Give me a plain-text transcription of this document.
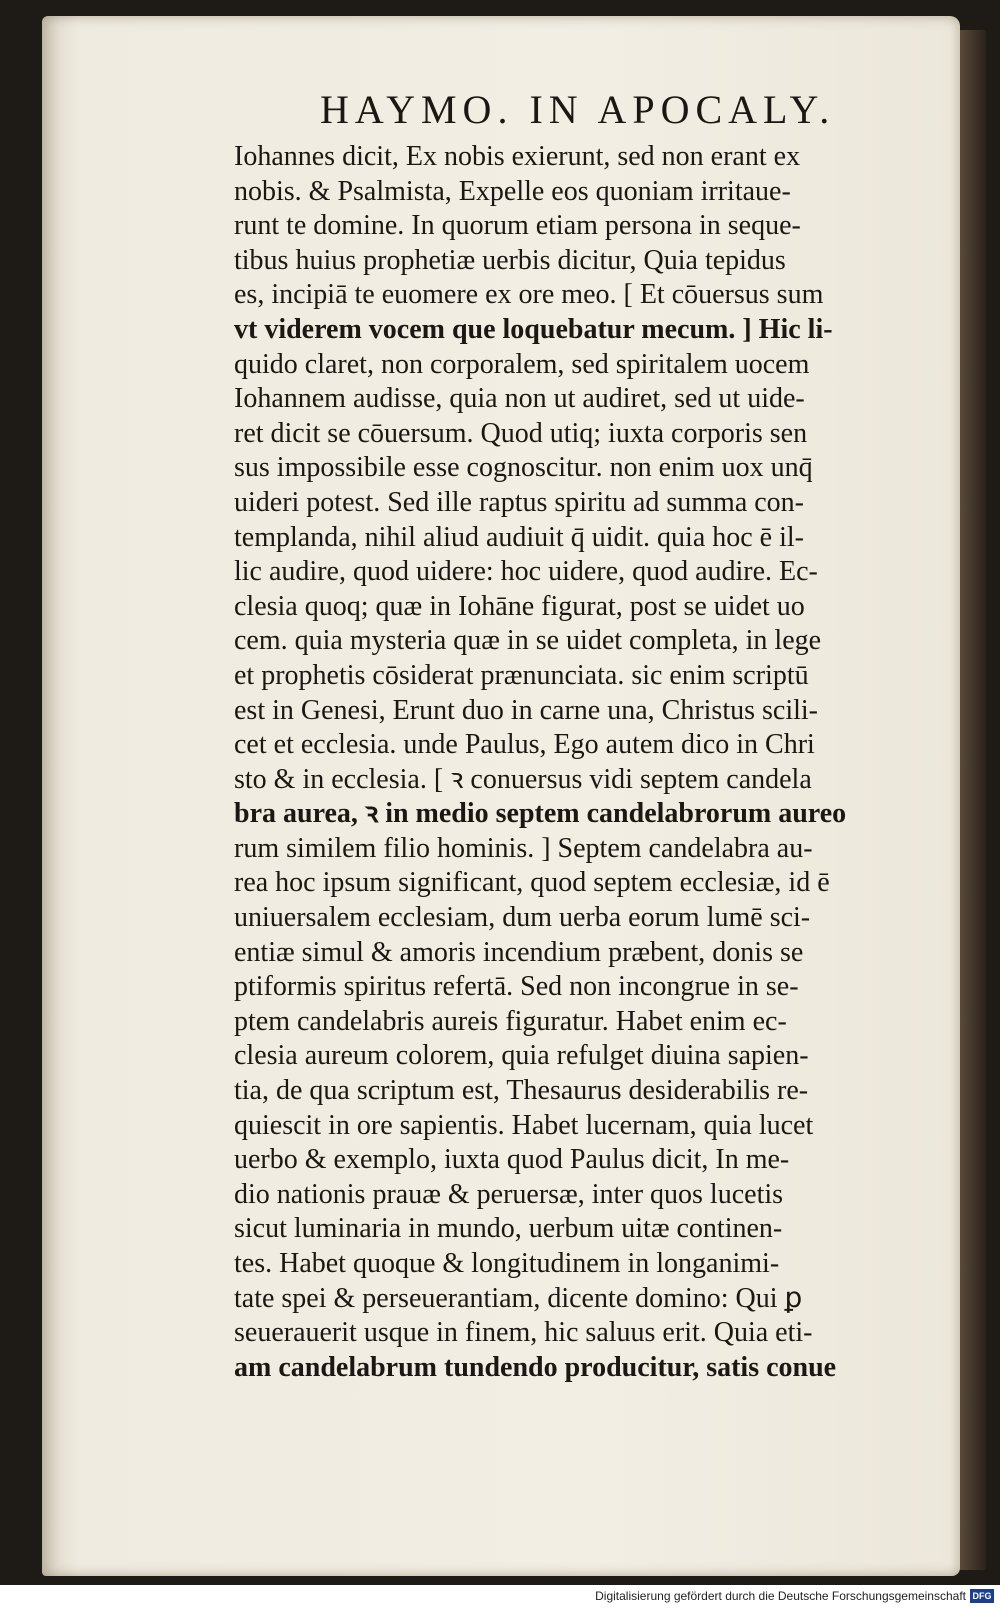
HAYMO. IN APOCALY.
Iohannes dicit, Ex nobis exierunt, sed non erant ex
nobis. & Psalmista, Expelle eos quoniam irritaue-
runt te domine. In quorum etiam persona in seque-
tibus huius prophetiæ uerbis dicitur, Quia tepidus
es, incipiā te euomere ex ore meo. [ Et cōuersus sum
vt viderem vocem que loquebatur mecum. ] Hic li-
quido claret, non corporalem, sed spiritalem uocem
Iohannem audisse, quia non ut audiret, sed ut uide-
ret dicit se cōuersum. Quod utiq; iuxta corporis sen
sus impossibile esse cognoscitur. non enim uox unq̄
uideri potest. Sed ille raptus spiritu ad summa con-
templanda, nihil aliud audiuit q̄ uidit. quia hoc ē il-
lic audire, quod uidere: hoc uidere, quod audire. Ec-
clesia quoq; quæ in Iohāne figurat, post se uidet uo
cem. quia mysteria quæ in se uidet completa, in lege
et prophetis cōsiderat prænunciata. sic enim scriptū
est in Genesi, Erunt duo in carne una, Christus scili-
cet et ecclesia. unde Paulus, Ego autem dico in Chri
sto & in ecclesia. [ ꝛ conuersus vidi septem candela
bra aurea, ꝛ in medio septem candelabrorum aureo
rum similem filio hominis. ] Septem candelabra au-
rea hoc ipsum significant, quod septem ecclesiæ, id ē
uniuersalem ecclesiam, dum uerba eorum lumē sci-
entiæ simul & amoris incendium præbent, donis se
ptiformis spiritus refertā. Sed non incongrue in se-
ptem candelabris aureis figuratur. Habet enim ec-
clesia aureum colorem, quia refulget diuina sapien-
tia, de qua scriptum est, Thesaurus desiderabilis re-
quiescit in ore sapientis. Habet lucernam, quia lucet
uerbo & exemplo, iuxta quod Paulus dicit, In me-
dio nationis prauæ & peruersæ, inter quos lucetis
sicut luminaria in mundo, uerbum uitæ continen-
tes. Habet quoque & longitudinem in longanimi-
tate spei & perseuerantiam, dicente domino: Qui ꝑ
seuerauerit usque in finem, hic saluus erit. Quia eti-
am candelabrum tundendo producitur, satis conue
Digitalisierung gefördert durch die Deutsche Forschungsgemeinschaft DFG
